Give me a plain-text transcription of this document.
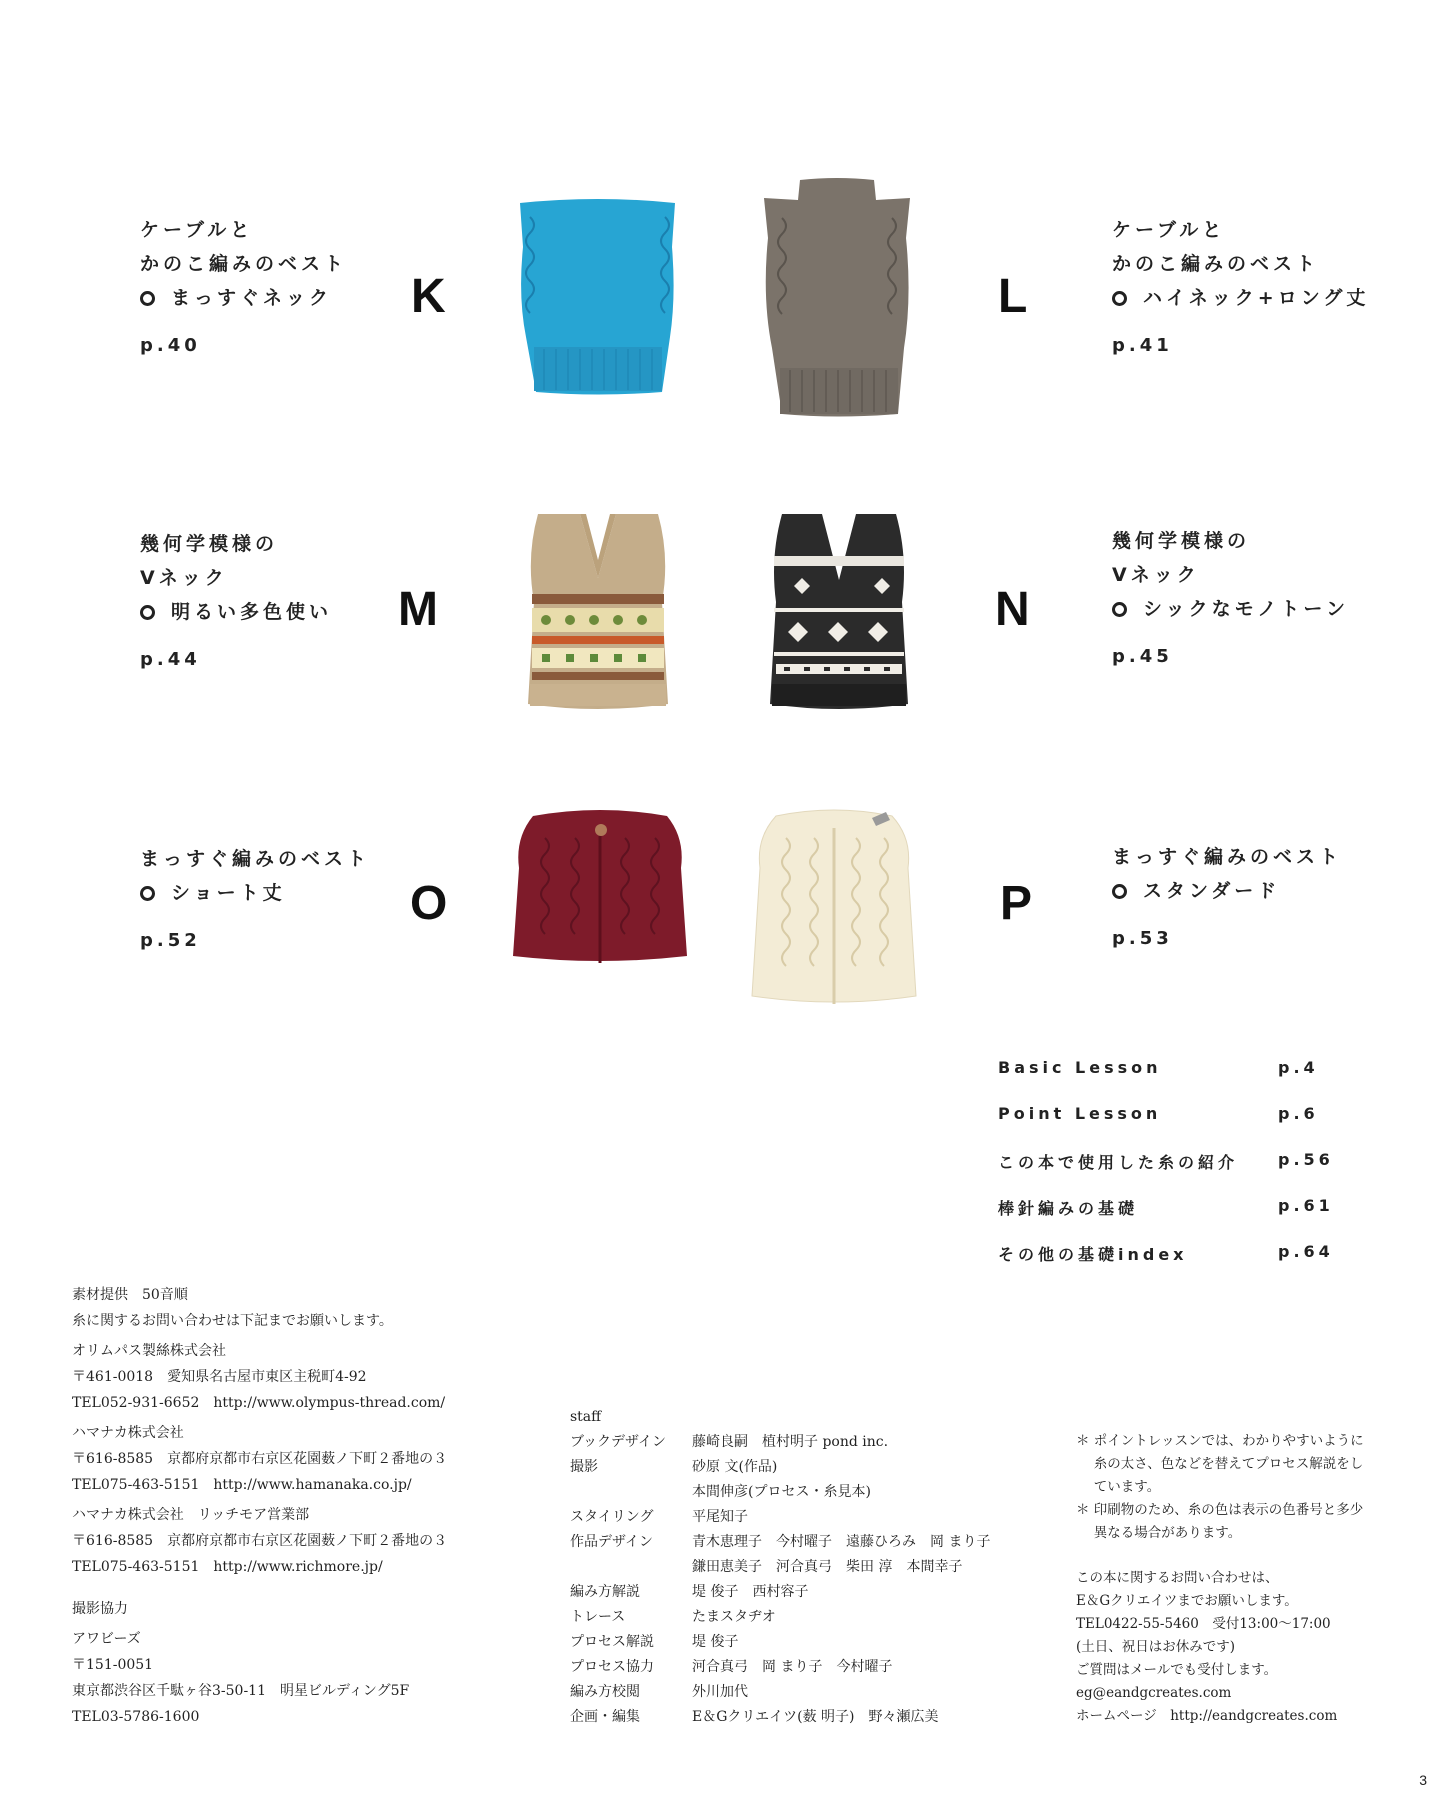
ケーブルと
かのこ編みのベスト
まっすぐネック
p.40
K	L
ケーブルと
かのこ編みのベスト
ハイネック+ロング丈
p.41
幾何学模様の
Vネック
明るい多色使い
p.44
M	N
幾何学模様の
Vネック
シックなモノトーン
p.45
まっすぐ編みのベスト
ショート丈
p.52
O	P
まっすぐ編みのベスト
スタンダード
p.53
Basic Lesson	p.4
Point Lesson	p.6
この本で使用した糸の紹介 p.56
棒針編みの基礎	p.61
その他の基礎index	p.64
素材提供　50音順
糸に関するお問い合わせは下記までお願いします。
オリムパス製絲株式会社
〒461-0018　愛知県名古屋市東区主税町4-92
TEL052-931-6652　http://www.olympus-thread.com/
ハマナカ株式会社
〒616-8585　京都府京都市右京区花園薮ノ下町２番地の３
TEL075-463-5151　http://www.hamanaka.co.jp/
ハマナカ株式会社　リッチモア営業部
〒616-8585　京都府京都市右京区花園薮ノ下町２番地の３
TEL075-463-5151　http://www.richmore.jp/
撮影協力
アワビーズ
〒151-0051
東京都渋谷区千駄ヶ谷3-50-11　明星ビルディング5F
TEL03-5786-1600
staff
ブックデザイン	藤崎良嗣　植村明子 pond inc.
撮影	砂原 文(作品)
本間伸彦(プロセス・糸見本)
スタイリング	平尾知子
作品デザイン	青木恵理子　今村曜子　遠藤ひろみ　岡 まり子
鎌田恵美子　河合真弓　柴田 淳　本間幸子
編み方解説	堤 俊子　西村容子
トレース	たまスタヂオ
プロセス解説	堤 俊子
プロセス協力	河合真弓　岡 まり子　今村曜子
編み方校閲	外川加代
企画・編集	E＆Gクリエイツ(薮 明子)　野々瀬広美
＊ ポイントレッスンでは、わかりやすいように
　 糸の太さ、色などを替えてプロセス解説をし
　 ています。
＊ 印刷物のため、糸の色は表示の色番号と多少
　 異なる場合があります。
この本に関するお問い合わせは、
E＆Gクリエイツまでお願いします。
TEL0422-55-5460　受付13:00～17:00
(土日、祝日はお休みです)
ご質問はメールでも受付します。
eg@eandgcreates.com
ホームページ　http://eandgcreates.com
3
